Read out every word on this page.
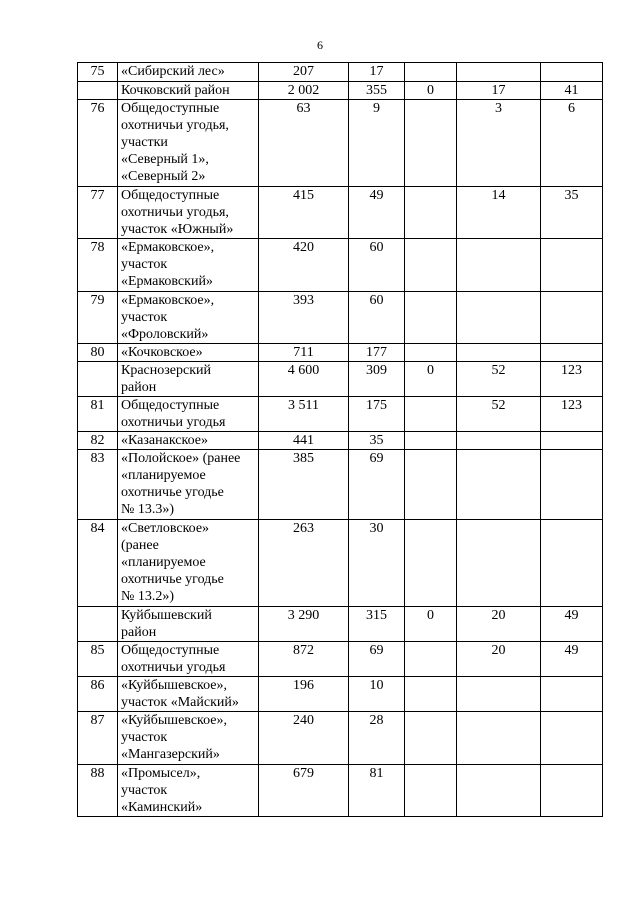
6
75	«Сибирский лес»	207	17			
	Кочковский район	2 002	355	0	17	41
76	Общедоступные
охотничьи угодья,
участки
«Северный 1»,
«Северный 2»	63	9		3	6
77	Общедоступные
охотничьи угодья,
участок «Южный»	415	49		14	35
78	«Ермаковское»,
участок
«Ермаковский»	420	60			
79	«Ермаковское»,
участок
«Фроловский»	393	60			
80	«Кочковское»	711	177			
	Краснозерский
район	4 600	309	0	52	123
81	Общедоступные
охотничьи угодья	3 511	175		52	123
82	«Казанакское»	441	35			
83	«Полойское» (ранее
«планируемое
охотничье угодье
№ 13.3»)	385	69			
84	«Светловское»
(ранее
«планируемое
охотничье угодье
№ 13.2»)	263	30			
	Куйбышевский
район	3 290	315	0	20	49
85	Общедоступные
охотничьи угодья	872	69		20	49
86	«Куйбышевское»,
участок «Майский»	196	10			
87	«Куйбышевское»,
участок
«Мангазерский»	240	28			
88	«Промысел»,
участок
«Каминский»	679	81			
